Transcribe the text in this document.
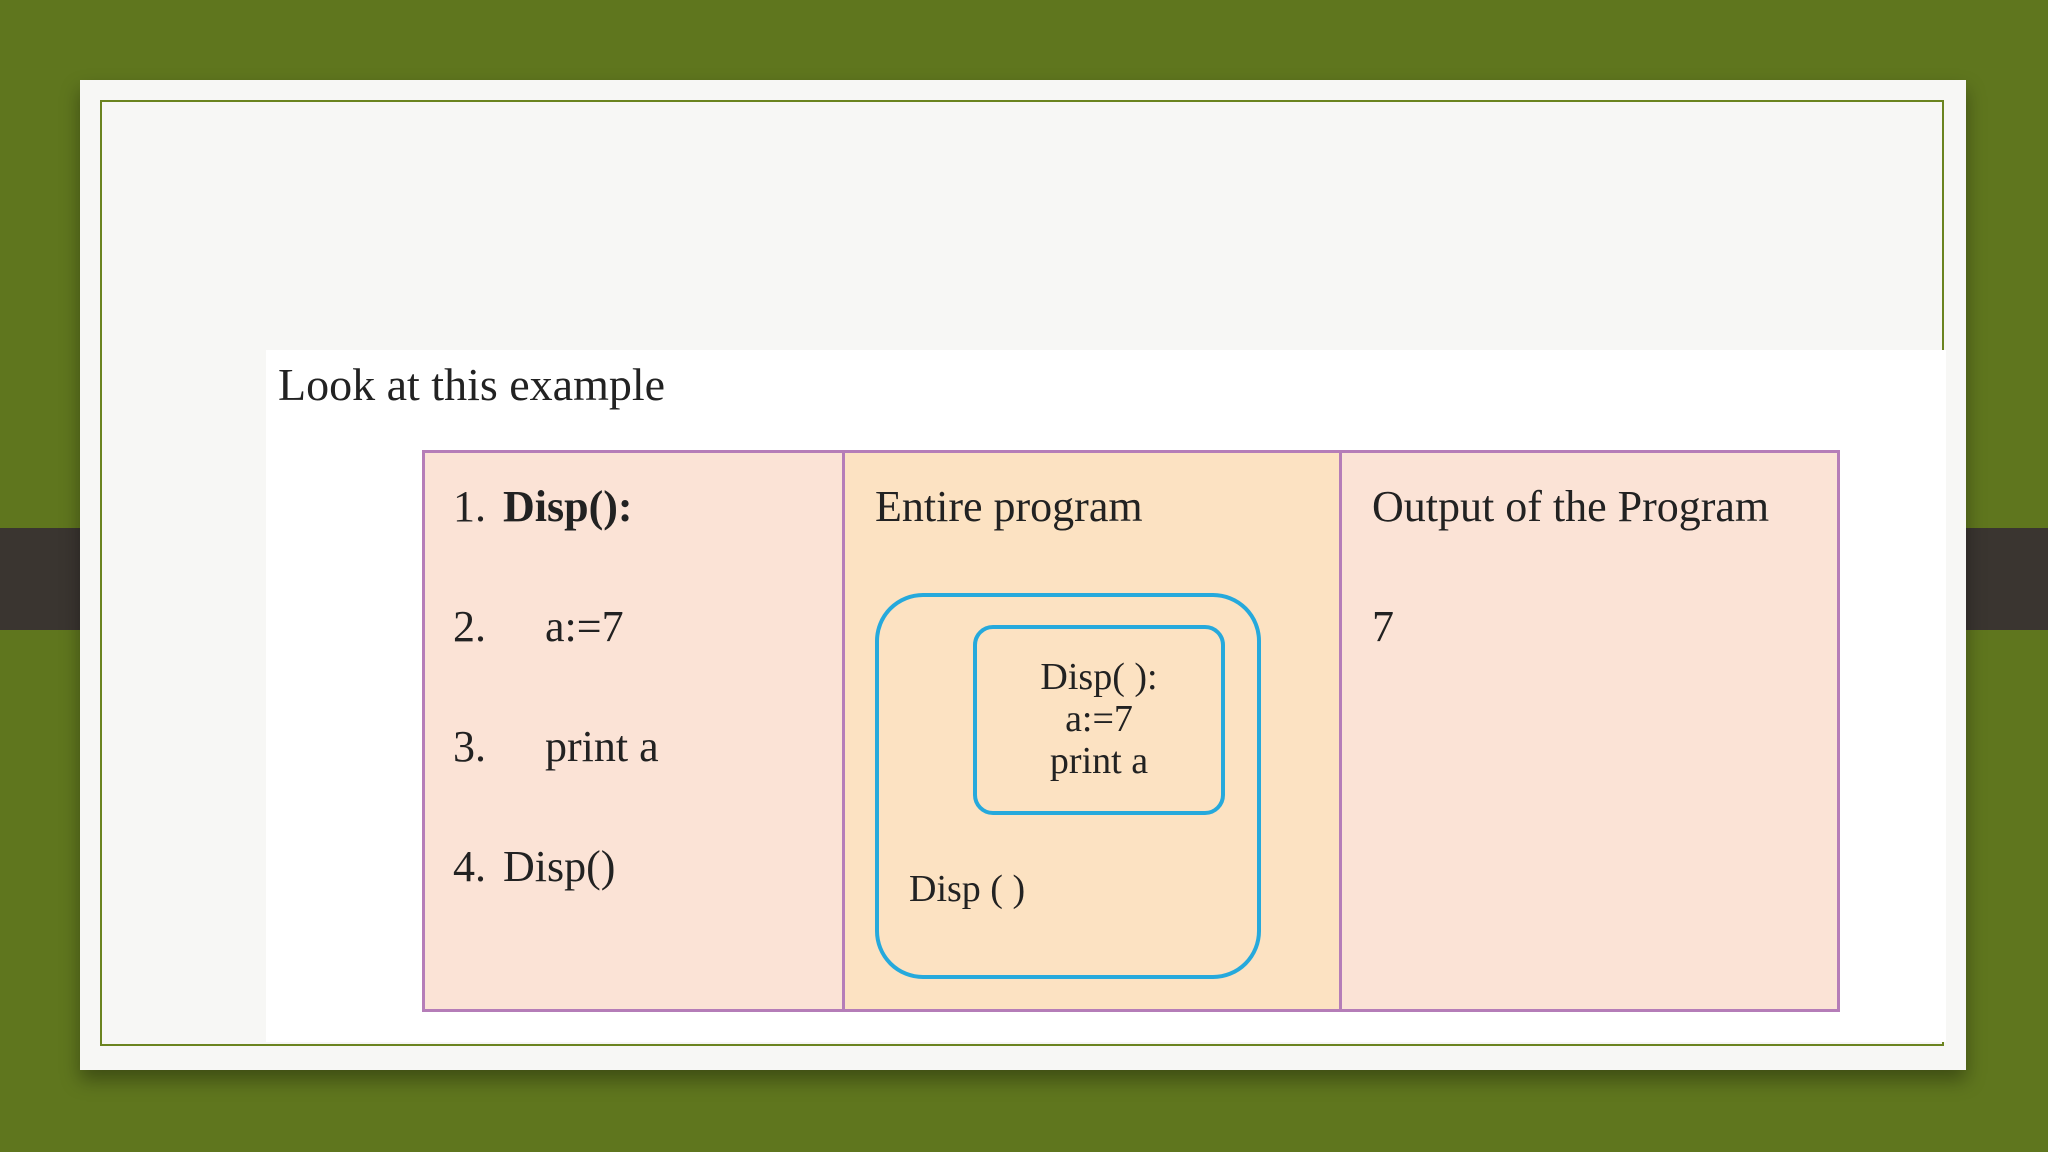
Look at this example
1. Disp():
2. a:=7
3. print a
4. Disp()
Entire program
Disp( ):
a:=7
print a
Disp ( )
Output of the Program
7
